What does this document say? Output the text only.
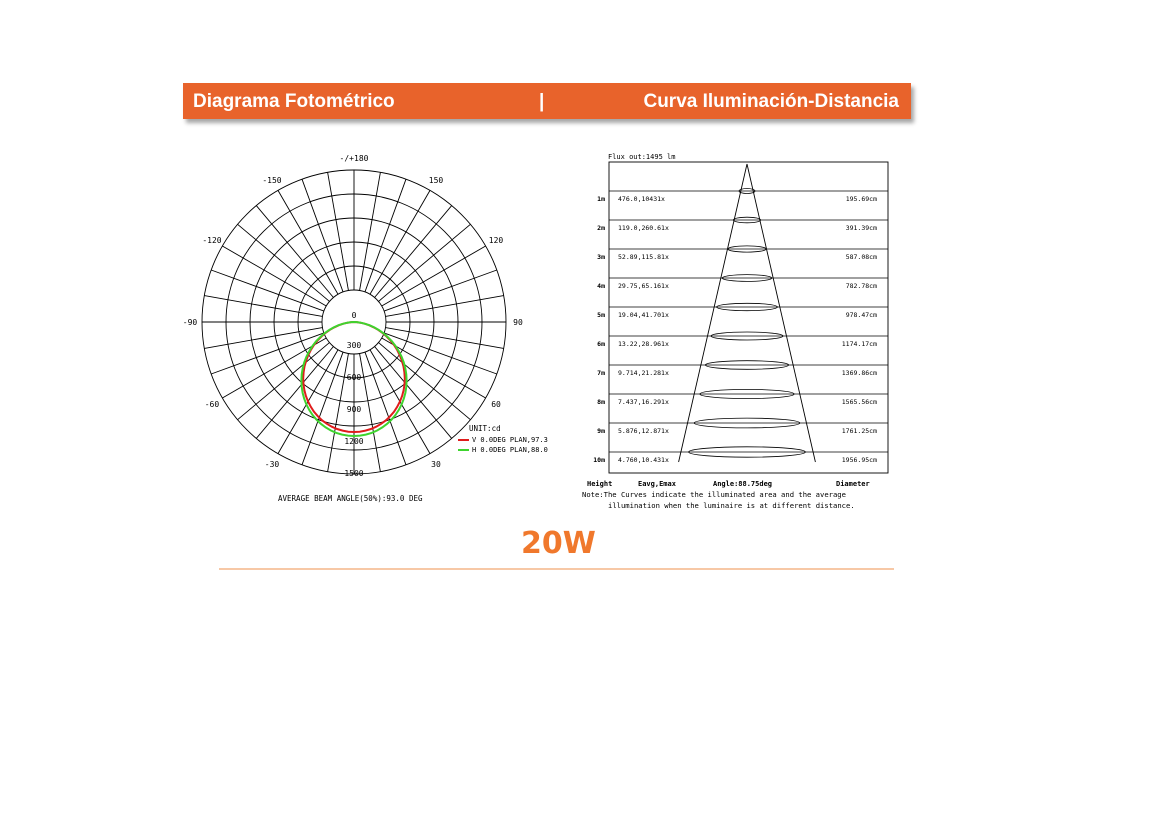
Diagrama Fotométrico	|	Curva Iluminación-Distancia
-/+180
150
-150
120
-120
90
-90
60
-60
30
-30
0
300
600
900
1200
1500
UNIT:cd
V 0.0DEG PLAN,97.3
H 0.0DEG PLAN,88.0
AVERAGE BEAM ANGLE(50%):93.0 DEG
Flux out:1495 lm
1m 476.0,10431x	195.69cm
2m 119.0,260.61x	391.39cm
3m 52.89,115.81x	587.08cm
4m 29.75,65.161x	782.78cm
5m 19.04,41.701x	978.47cm
6m 13.22,28.961x	1174.17cm
7m 9.714,21.281x	1369.86cm
8m 7.437,16.291x	1565.56cm
9m 5.876,12.871x	1761.25cm
10m 4.760,10.431x	1956.95cm
Height	Eavg,Emax	Angle:88.75deg	Diameter
Note:The Curves indicate the illuminated area and the average
illumination when the luminaire is at different distance.
20W
